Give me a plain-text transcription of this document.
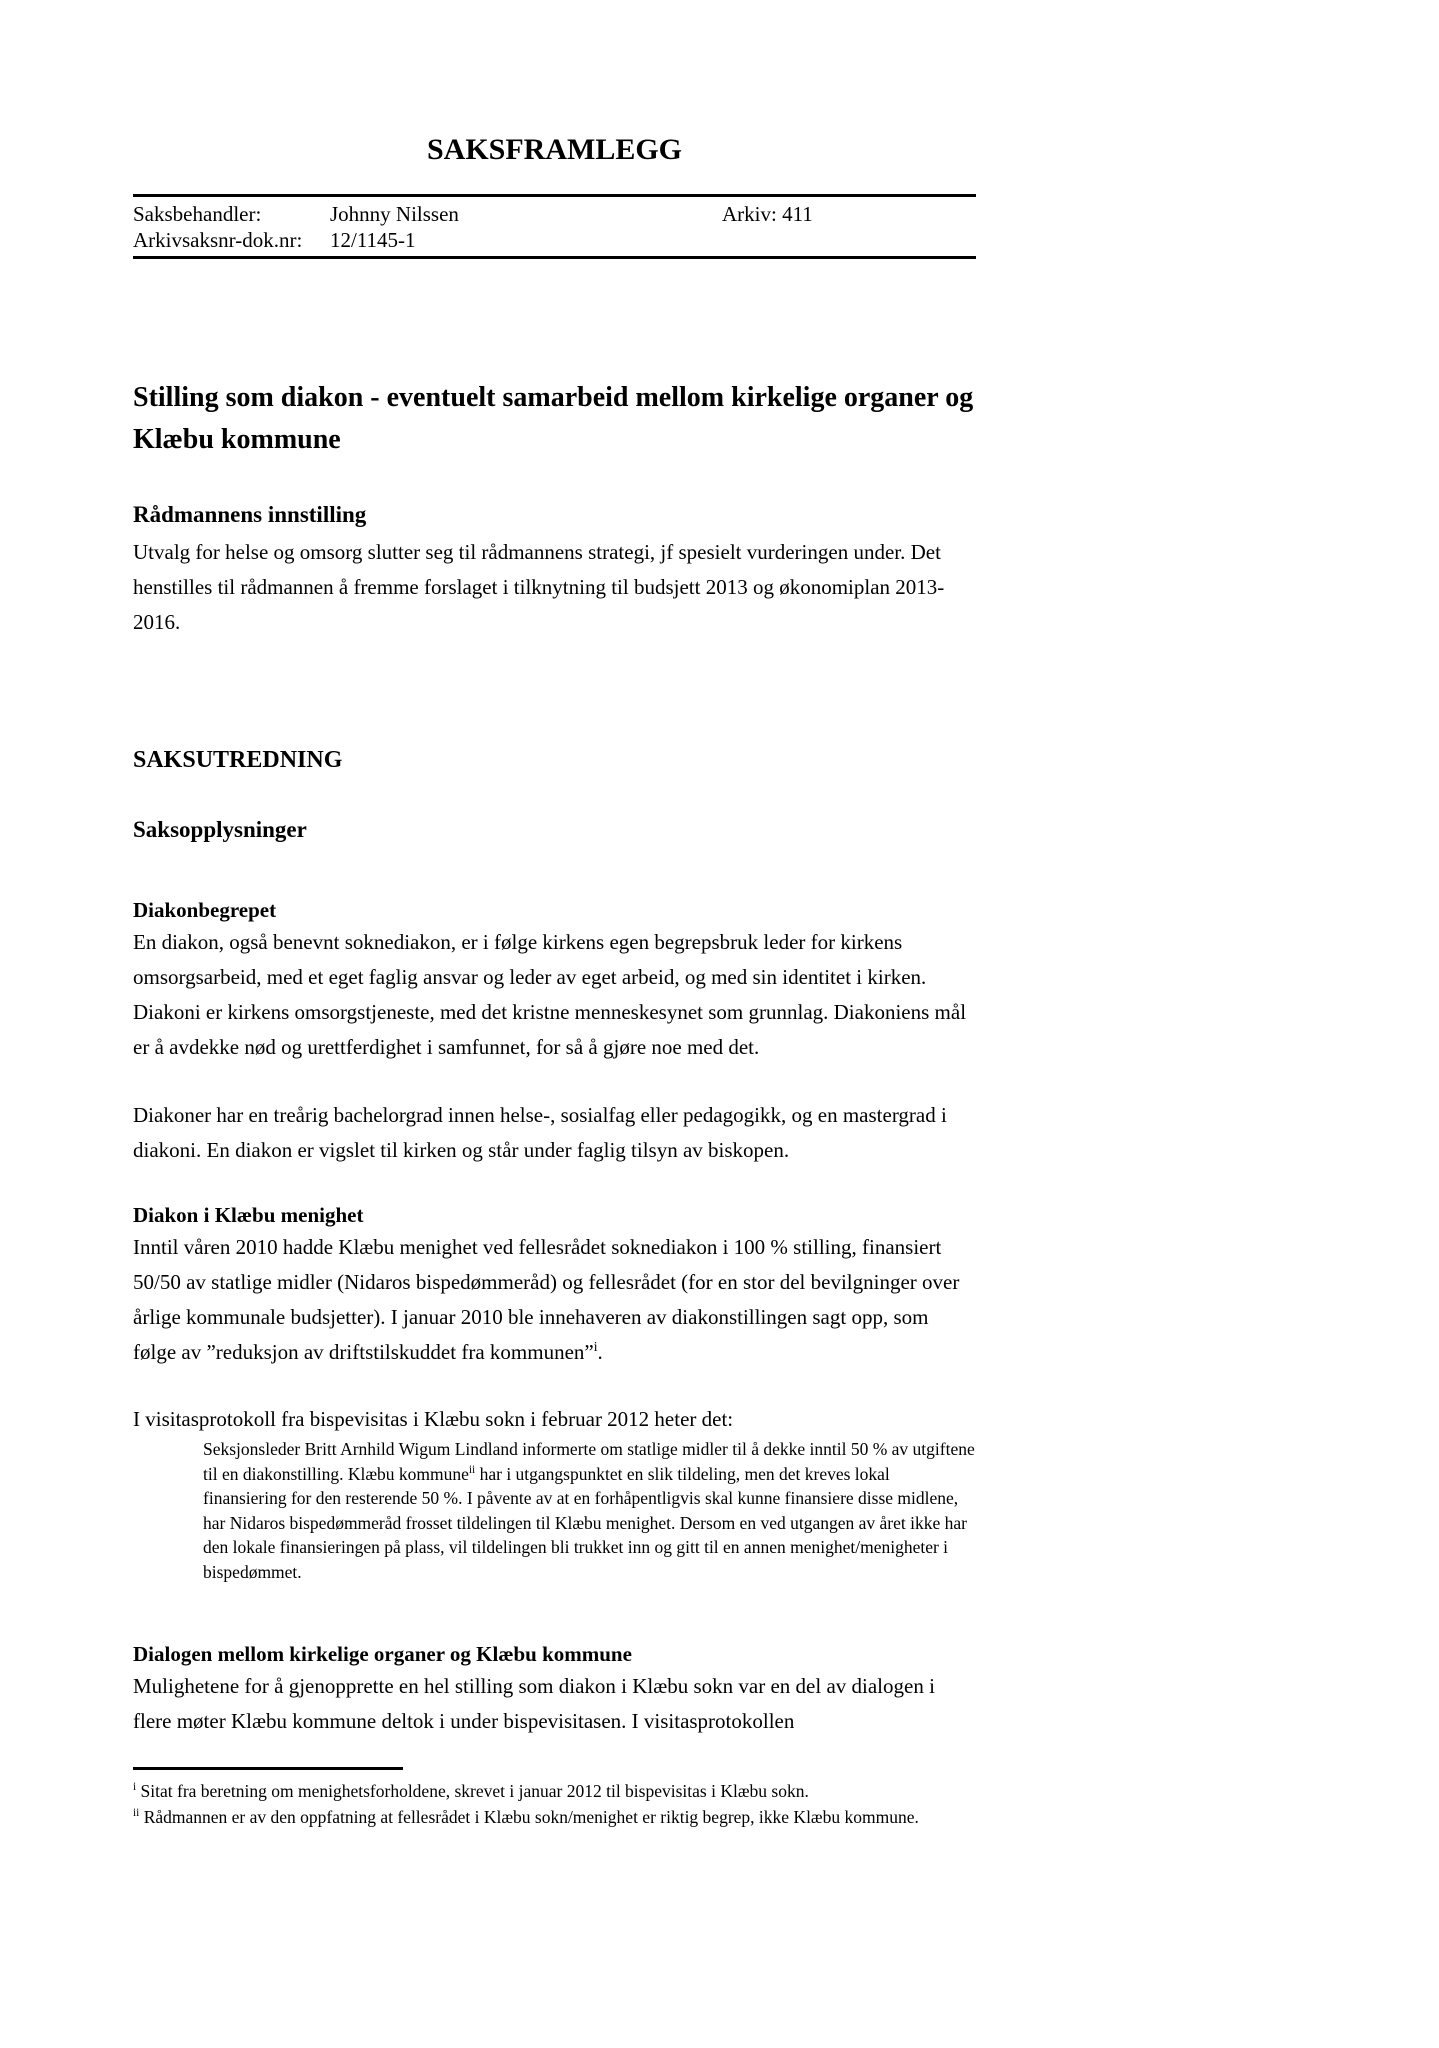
SAKSFRAMLEGG
Saksbehandler:	Johnny Nilssen	Arkiv: 411
Arkivsaksnr-dok.nr: 12/1145-1
Stilling som diakon - eventuelt samarbeid mellom kirkelige organer og Klæbu kommune
Rådmannens innstilling

Utvalg for helse og omsorg slutter seg til rådmannens strategi, jf spesielt vurderingen under. Det henstilles til rådmannen å fremme forslaget i tilknytning til budsjett 2013 og økonomiplan 2013-2016.

SAKSUTREDNING
Saksopplysninger
Diakonbegrepet

En diakon, også benevnt soknediakon, er i følge kirkens egen begrepsbruk leder for kirkens omsorgsarbeid, med et eget faglig ansvar og leder av eget arbeid, og med sin identitet i kirken. Diakoni er kirkens omsorgstjeneste, med det kristne menneskesynet som grunnlag. Diakoniens mål er å avdekke nød og urettferdighet i samfunnet, for så å gjøre noe med det.

Diakoner har en treårig bachelorgrad innen helse-, sosialfag eller pedagogikk, og en mastergrad i diakoni. En diakon er vigslet til kirken og står under faglig tilsyn av biskopen.

Diakon i Klæbu menighet

Inntil våren 2010 hadde Klæbu menighet ved fellesrådet soknediakon i 100 % stilling, finansiert 50/50 av statlige midler (Nidaros bispedømmeråd) og fellesrådet (for en stor del bevilgninger over årlige kommunale budsjetter). I januar 2010 ble innehaveren av diakonstillingen sagt opp, som følge av ”reduksjon av driftstilskuddet fra kommunen”$^i$.

I visitasprotokoll fra bispevisitas i Klæbu sokn i februar 2012 heter det:

Seksjonsleder Britt Arnhild Wigum Lindland informerte om statlige midler til å dekke inntil 50 % av utgiftene til en diakonstilling. Klæbu kommune$^{ii}$ har i utgangspunktet en slik tildeling, men det kreves lokal finansiering for den resterende 50 %. I påvente av at en forhåpentligvis skal kunne finansiere disse midlene, har Nidaros bispedømmeråd frosset tildelingen til Klæbu menighet. Dersom en ved utgangen av året ikke har den lokale finansieringen på plass, vil tildelingen bli trukket inn og gitt til en annen menighet/menigheter i bispedømmet.
Dialogen mellom kirkelige organer og Klæbu kommune

Mulighetene for å gjenopprette en hel stilling som diakon i Klæbu sokn var en del av dialogen i flere møter Klæbu kommune deltok i under bispevisitasen. I visitasprotokollen

$^i$ Sitat fra beretning om menighetsforholdene, skrevet i januar 2012 til bispevisitas i Klæbu sokn.

$^{ii}$ Rådmannen er av den oppfatning at fellesrådet i Klæbu sokn/menighet er riktig begrep, ikke Klæbu kommune.
